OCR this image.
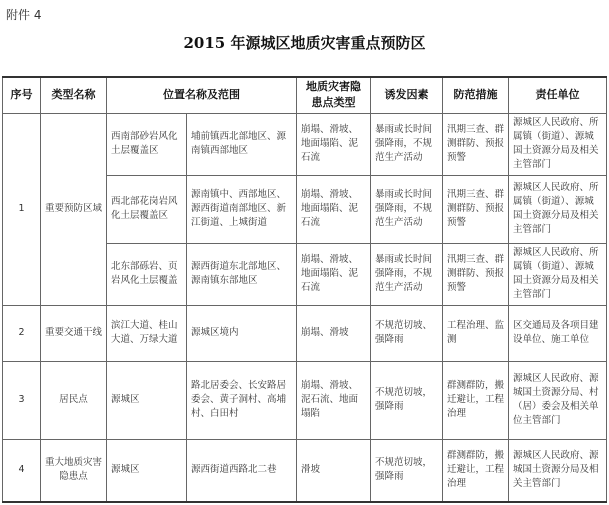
附件 4
2015 年源城区地质灾害重点预防区
序号	类型名称	位置名称及范围		地质灾害隐患点类型	诱发因素	防范措施	责任单位
1	重要预防区域	西南部砂岩风化土层覆盖区	埔前镇西北部地区、源南镇西部地区	崩塌、滑坡、地面塌陷、泥石流	暴雨或长时间强降雨，不规范生产活动	汛期三查、群测群防、预报预警	源城区人民政府、所属镇（街道）、源城国土资源分局及相关主管部门
		西北部花岗岩风化土层覆盖区	源南镇中、西部地区、源西街道南部地区、新江街道、上城街道	崩塌、滑坡、地面塌陷、泥石流	暴雨或长时间强降雨，不规范生产活动	汛期三查、群测群防、预报预警	源城区人民政府、所属镇（街道）、源城国土资源分局及相关主管部门
		北东部砾岩、页岩风化土层覆盖	源西街道东北部地区、源南镇东部地区	崩塌、滑坡、地面塌陷、泥石流	暴雨或长时间强降雨，不规范生产活动	汛期三查、群测群防、预报预警	源城区人民政府、所属镇（街道）、源城国土资源分局及相关主管部门
2	重要交通干线	滨江大道、桂山大道、万绿大道	源城区境内	崩塌、滑坡	不规范切坡、强降雨	工程治理、监测	区交通局及各项目建设单位、施工单位
3	居民点	源城区	路北居委会、长安路居委会、黄子洞村、高埔村、白田村	崩塌、滑坡、泥石流、地面塌陷	不规范切坡，强降雨	群测群防，搬迁避让，工程治理	源城区人民政府、源城国土资源分局、村（居）委会及相关单位主管部门
4	重大地质灾害隐患点	源城区	源西街道西路北二巷	滑坡	不规范切坡，强降雨	群测群防，搬迁避让，工程治理	源城区人民政府、源城国土资源分局及相关主管部门
